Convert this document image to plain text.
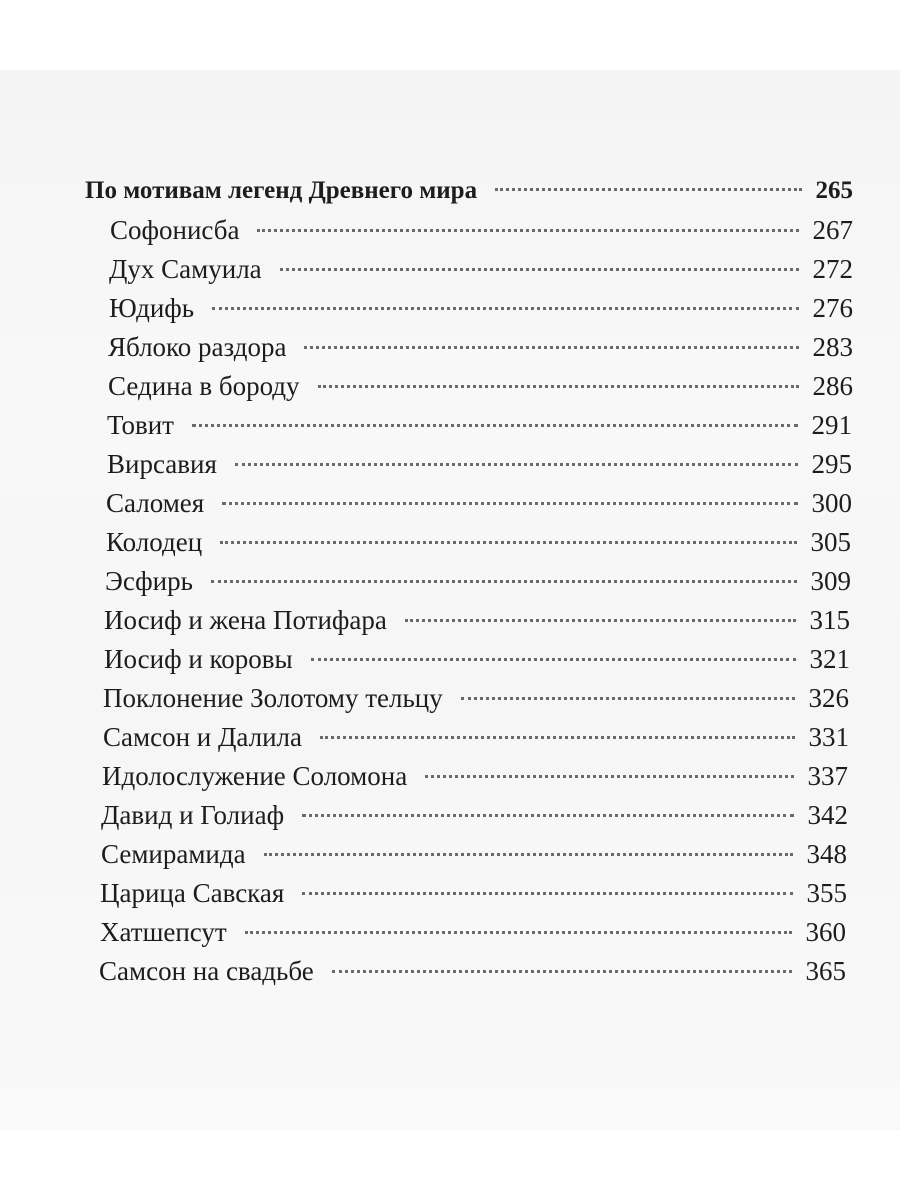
По мотивам легенд Древнего мира	265
Софонисба	267
Дух Самуила	272
Юдифь	276
Яблоко раздора	283
Седина в бороду	286
Товит	291
Вирсавия	295
Саломея	300
Колодец	305
Эсфирь	309
Иосиф и жена Потифара	315
Иосиф и коровы	321
Поклонение Золотому тельцу	326
Самсон и Далила	331
Идолослужение Соломона	337
Давид и Голиаф	342
Семирамида	348
Царица Савская	355
Хатшепсут	360
Самсон на свадьбе	365
